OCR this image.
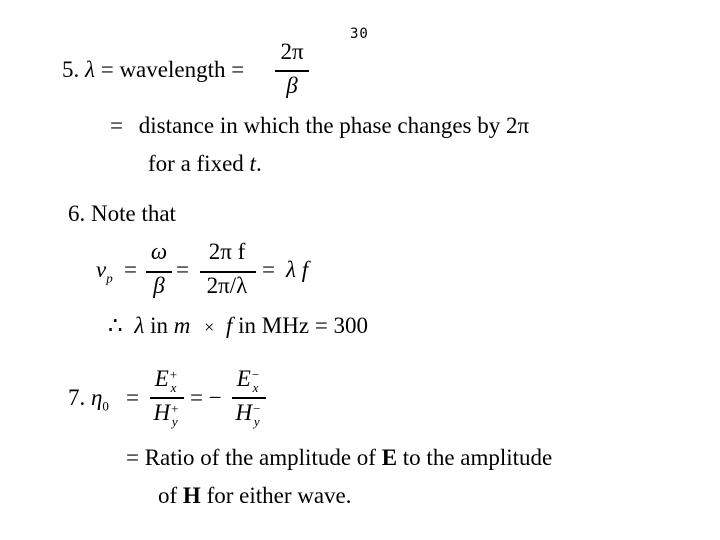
30
5. λ = wavelength =
2π
β
= distance in which the phase changes by 2π
for a fixed t.
6. Note that
$v_p$ =
ω
β
=
2π f
2π/λ
= λ f
∴ λ in m × f in MHz = 300
7. $\eta_0$ =
E +
x
H +
y
= −
E −
x
H −
y
= Ratio of the amplitude of E to the amplitude
of H for either wave.
